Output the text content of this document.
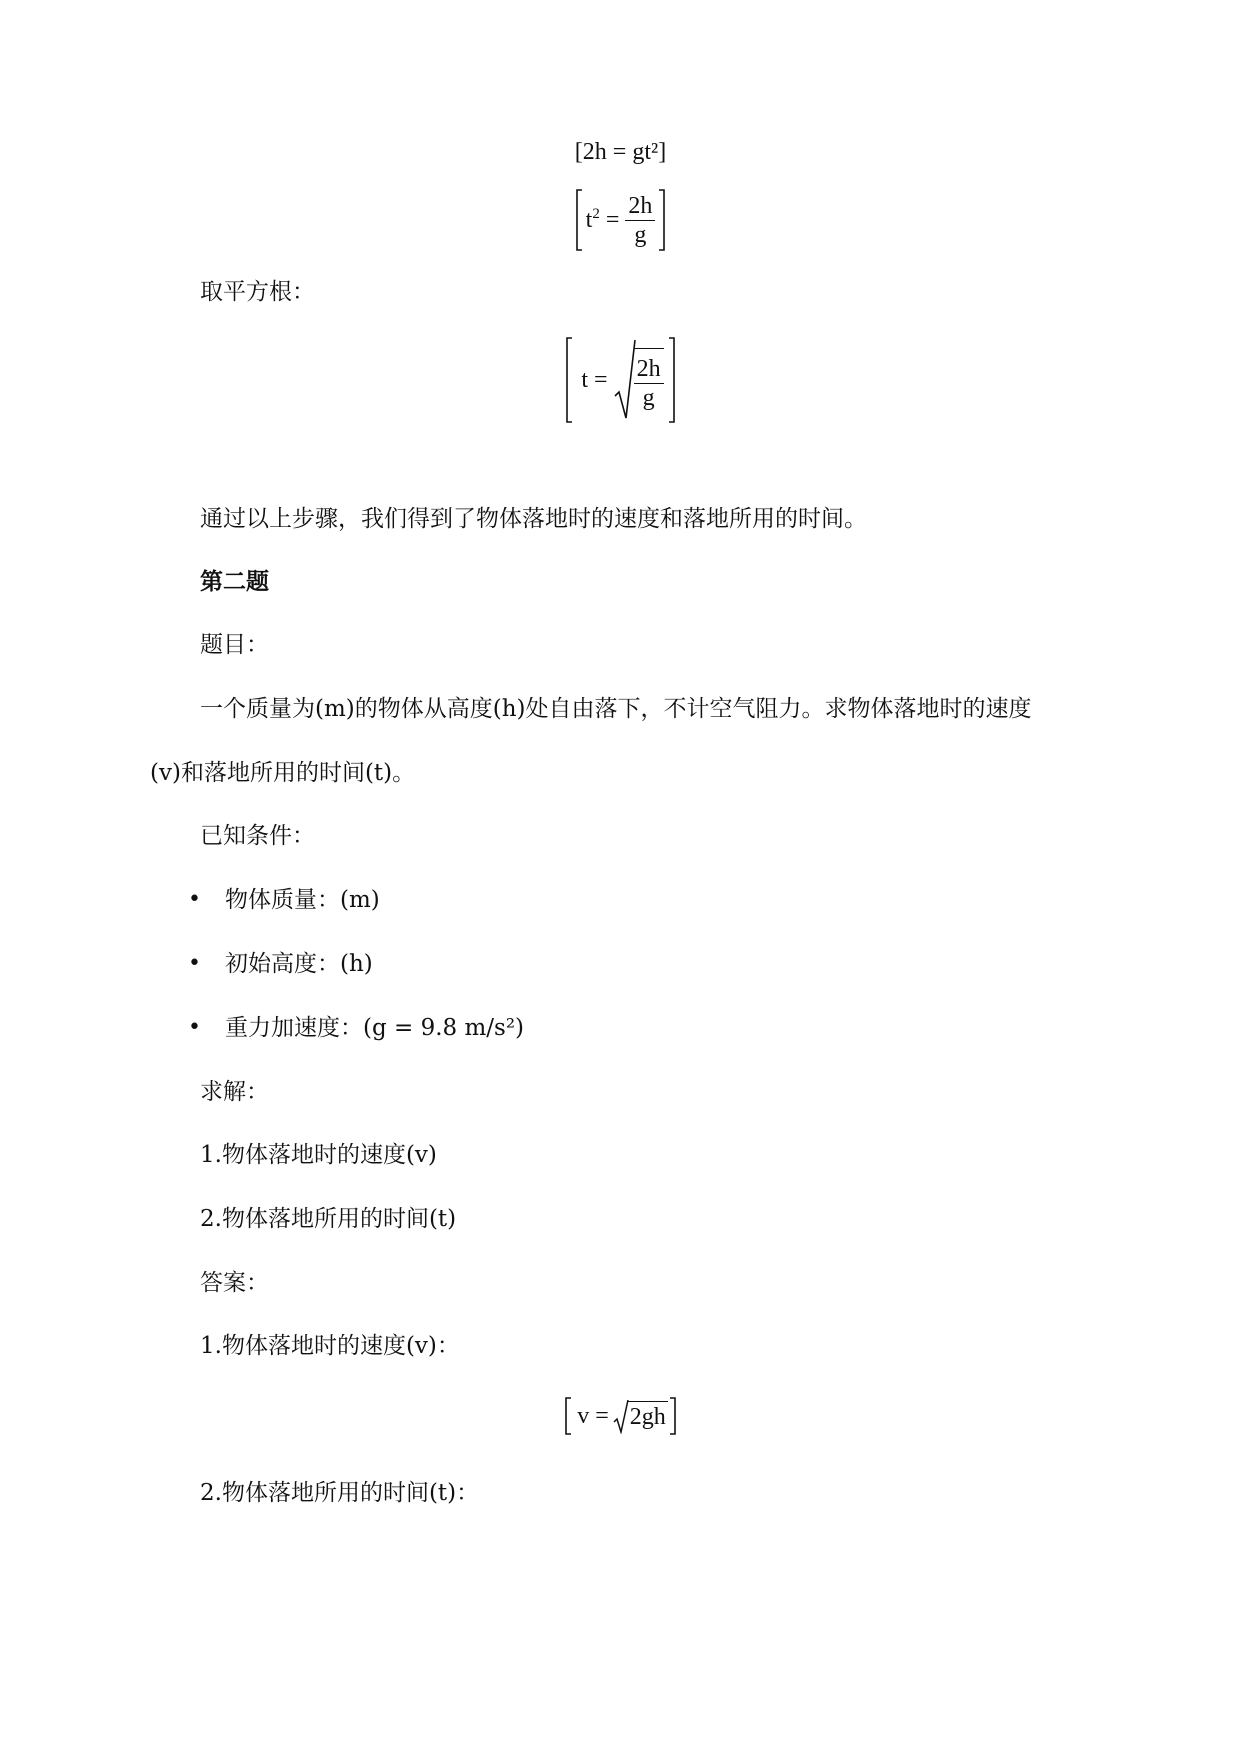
[2h = gt²]
$t^2 = \frac{2h}{g}$
取平方根：
$t = \frac{2h}{g}$
通过以上步骤，我们得到了物体落地时的速度和落地所用的时间。
第二题
题目：
一个质量为(m)的物体从高度(h)处自由落下，不计空气阻力。求物体落地时的速度
(v)和落地所用的时间(t)。
已知条件：
• 物体质量：(m)
• 初始高度：(h)
• 重力加速度：(g = 9.8 m/s²)
求解：
1.物体落地时的速度(v)
2.物体落地所用的时间(t)
答案：
1.物体落地时的速度(v)：
v = 2gh
2.物体落地所用的时间(t)：
